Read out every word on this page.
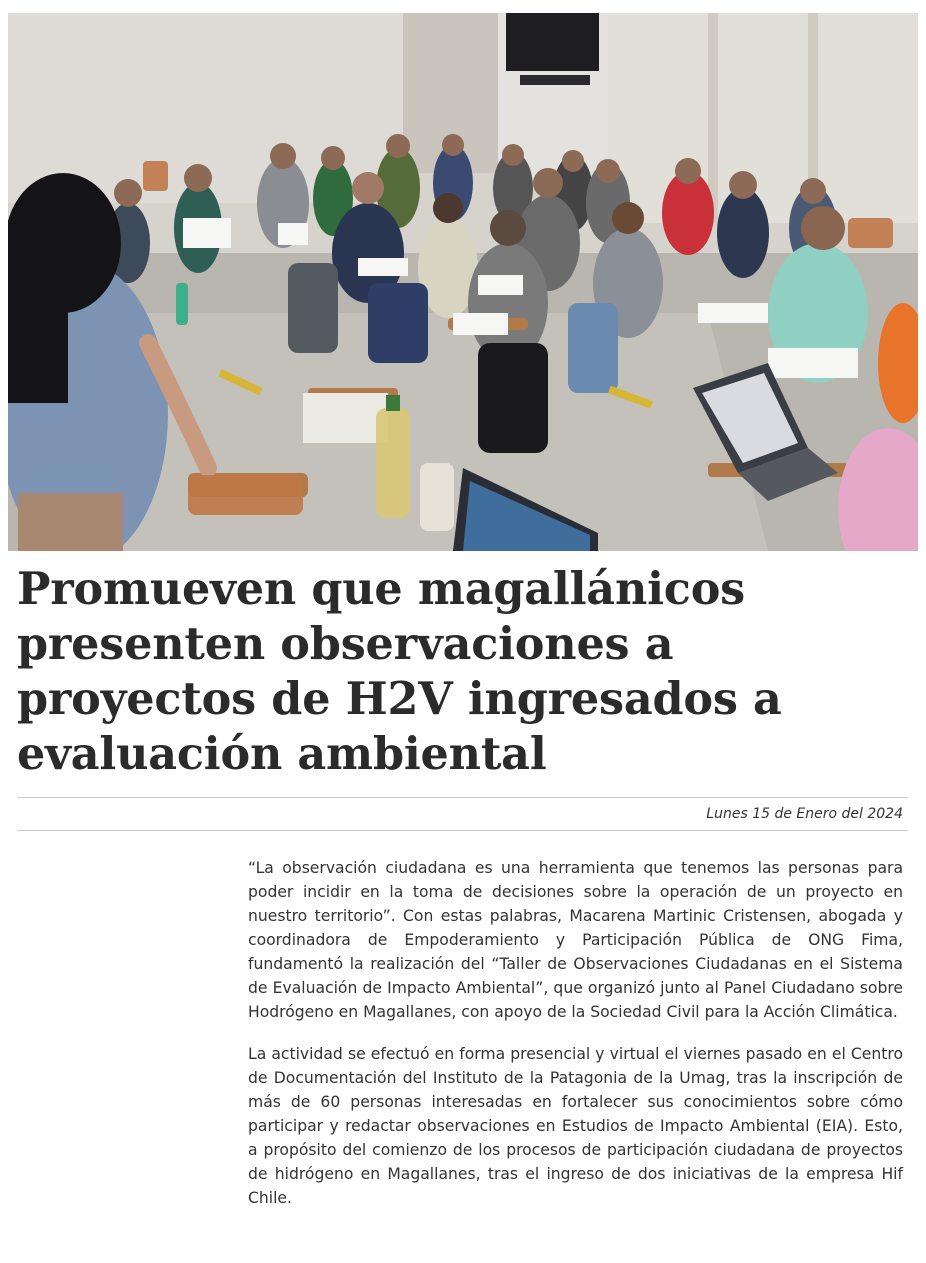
Promueven que magallánicos presenten observaciones a proyectos de H2V ingresados a evaluación ambiental
Lunes 15 de Enero del 2024

“La observación ciudadana es una herramienta que tenemos las personas para poder incidir en la toma de decisiones sobre la operación de un proyecto en nuestro territorio”. Con estas palabras, Macarena Martinic Cristensen, abogada y coordinadora de Empoderamiento y Participación Pública de ONG Fima, fundamentó la realización del “Taller de Observaciones Ciudadanas en el Sistema de Evaluación de Impacto Ambiental”, que organizó junto al Panel Ciudadano sobre Hodrógeno en Magallanes, con apoyo de la Sociedad Civil para la Acción Climática.

La actividad se efectuó en forma presencial y virtual el viernes pasado en el Centro de Documentación del Instituto de la Patagonia de la Umag, tras la inscripción de más de 60 personas interesadas en fortalecer sus conocimientos sobre cómo participar y redactar observaciones en Estudios de Impacto Ambiental (EIA). Esto, a propósito del comienzo de los procesos de participación ciudadana de proyectos de hidrógeno en Magallanes, tras el ingreso de dos iniciativas de la empresa Hif Chile.
